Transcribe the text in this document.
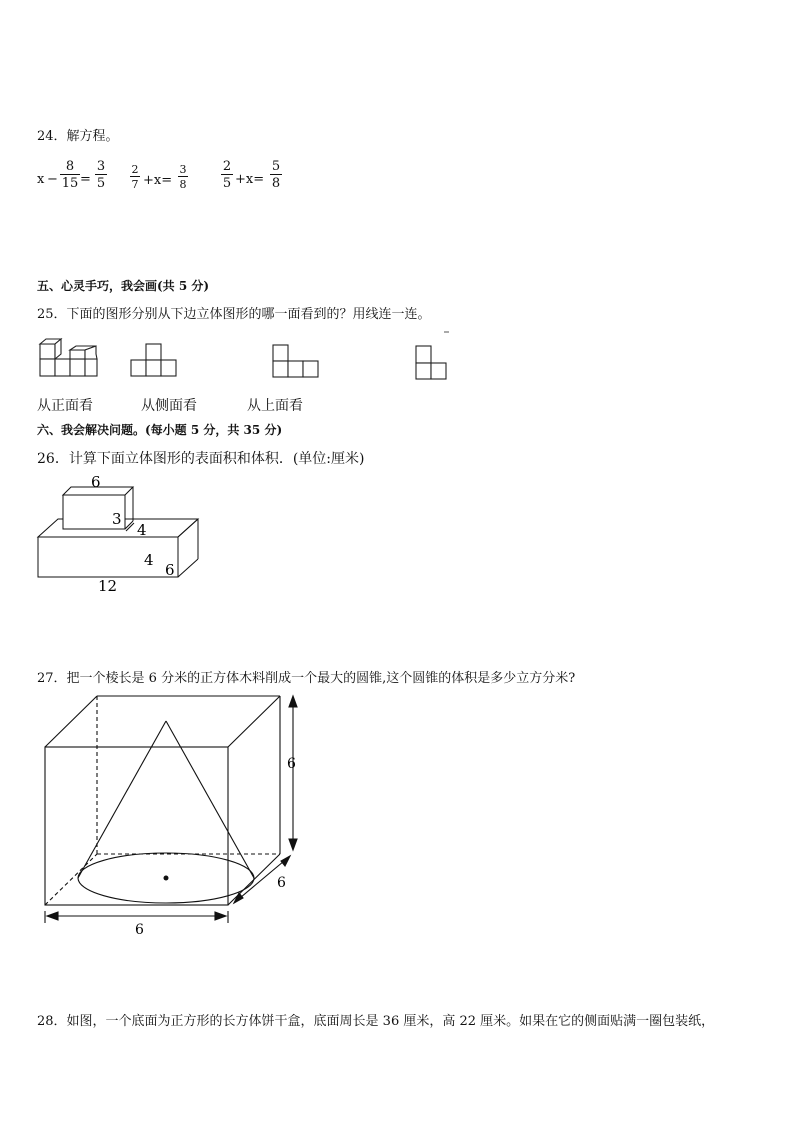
24．解方程。
$x - \frac{8}{15} = \frac{3}{5} \frac{2}{7} +x= \frac{3}{8}$	$\frac{2}{5} +x= \frac{5}{8}$
五、心灵手巧，我会画(共 5 分)
25．下面的图形分别从下边立体图形的哪一面看到的？用线连一连。
从正面看	从侧面看	从上面看
六、我会解决问题。(每小题 5 分，共 35 分)
26．计算下面立体图形的表面积和体积．(单位:厘米)
6
3
4
4
6
12
27．把一个棱长是 6 分米的正方体木料削成一个最大的圆锥,这个圆锥的体积是多少立方分米?
6
6
6
28．如图，一个底面为正方形的长方体饼干盒，底面周长是 36 厘米，高 22 厘米。如果在它的侧面贴满一圈包装纸，
